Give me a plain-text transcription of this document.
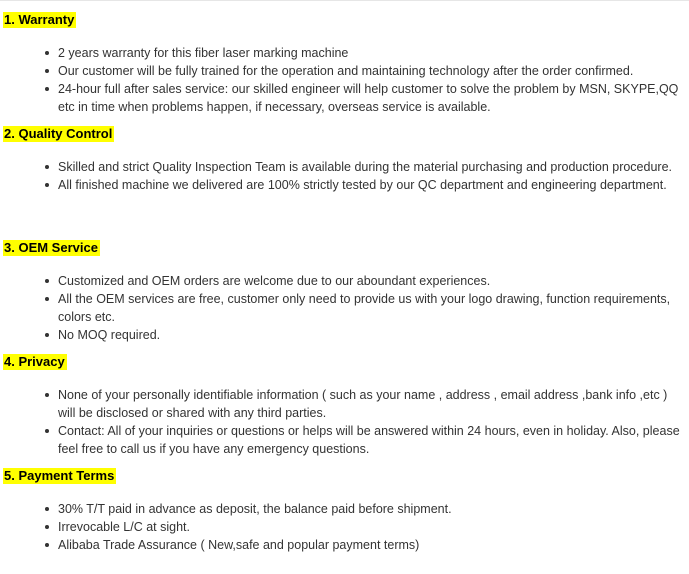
1. Warranty
2 years warranty for this fiber laser marking machine
Our customer will be fully trained for the operation and maintaining technology after the order confirmed.
24-hour full after sales service: our skilled engineer will help customer to solve the problem by MSN, SKYPE,QQ etc in time when problems happen, if necessary, overseas service is available.
2. Quality Control
Skilled and strict Quality Inspection Team is available during the material purchasing and production procedure.
All finished machine we delivered are 100% strictly tested by our QC department and engineering department.
3. OEM Service
Customized and OEM orders are welcome due to our aboundant experiences.
All the OEM services are free, customer only need to provide us with your logo drawing, function requirements, colors etc.
No MOQ required.
4. Privacy
None of your personally identifiable information ( such as your name , address , email address ,bank info ,etc ) will be disclosed or shared with any third parties.
Contact: All of your inquiries or questions or helps will be answered within 24 hours, even in holiday. Also, please feel free to call us if you have any emergency questions.
5. Payment Terms
30% T/T paid in advance as deposit, the balance paid before shipment.
Irrevocable L/C at sight.
Alibaba Trade Assurance ( New,safe and popular payment terms)
